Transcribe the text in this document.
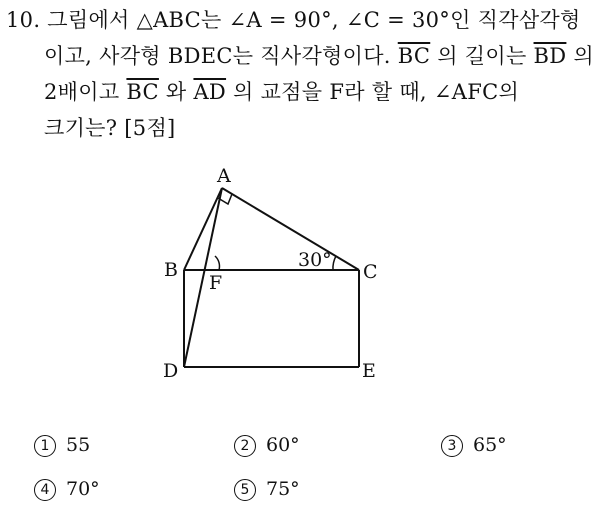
10. 그림에서 △ABC는 ∠A = 90°, ∠C = 30°인 직각삼각형
이고, 사각형 BDEC는 직사각형이다. $\overline{BC}$ 의 길이는 $\overline{BD}$ 의
2배이고 $\overline{BC}$ 와 $\overline{AD}$ 의 교점을 F라 할 때, ∠AFC의
크기는? [5점]
A
B	C
D	E
F
30°
1 55	2 60°	3 65°
4 70°	5 75°
